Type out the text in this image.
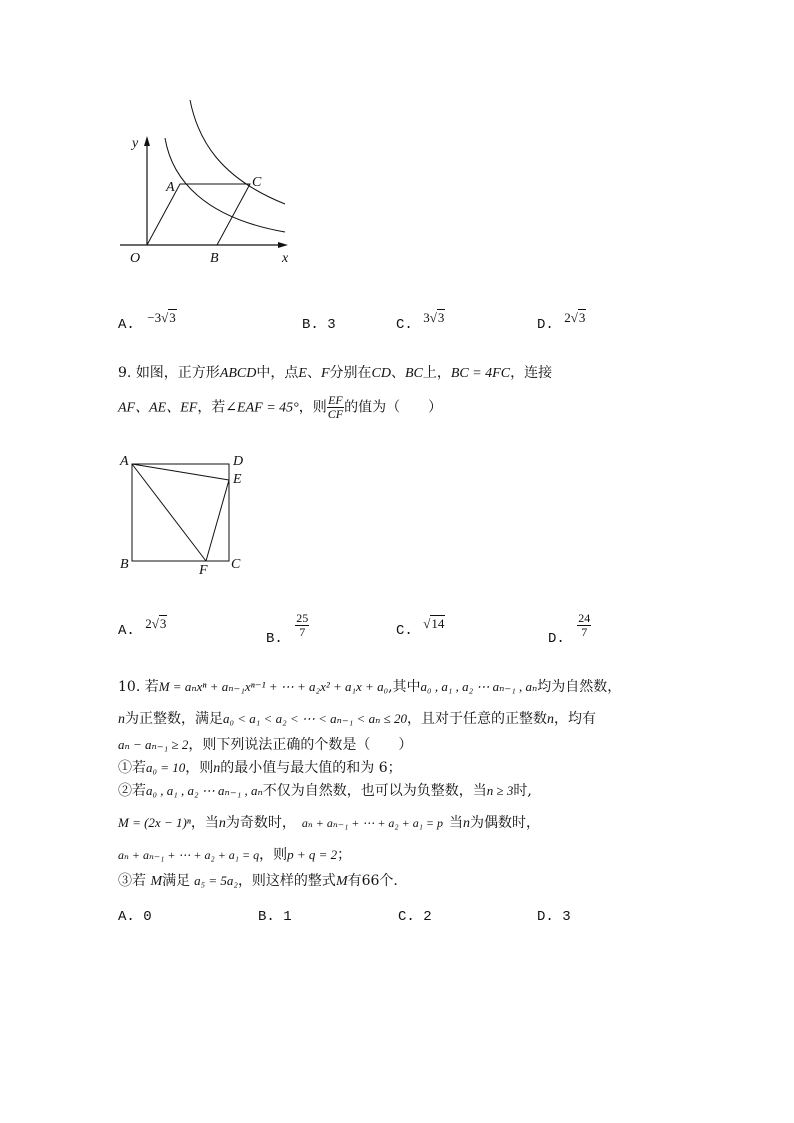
y
x
O
A
B
C
A. −3√3	B. 3	C. 3√3	D. 2√3
9. 如图，正方形ABCD中，点E、F分别在CD、BC上，BC = 4FC，连接
AF、AE、EF，若∠EAF = 45°，则 $\frac{EF}{CF}$ 的值为（　　）
A	D
E
B	F C
A. 2√3
B. $\frac{25}{7}$	C. √14
D. $\frac{24}{7}$
10. 若M = aₙxⁿ + aₙ₋₁xⁿ⁻¹ + ⋯ + a₂x² + a₁x + a₀,其中a₀ , a₁ , a₂ ⋯ aₙ₋₁ , aₙ均为自然数，
n为正整数，满足a₀ < a₁ < a₂ < ⋯ < aₙ₋₁ < aₙ ≤ 20，且对于任意的正整数n，均有
aₙ − aₙ₋₁ ≥ 2，则下列说法正确的个数是（　　）
①若a₀ = 10，则n的最小值与最大值的和为 6；
②若a₀ , a₁ , a₂ ⋯ aₙ₋₁ , aₙ不仅为自然数，也可以为负整数，当n ≥ 3时,
M = (2x − 1)ⁿ，当n为奇数时， aₙ + aₙ₋₁ + ⋯ + a₂ + a₁ = p 当n为偶数时，
aₙ + aₙ₋₁ + ⋯ + a₂ + a₁ = q，则p + q = 2；
③若 M满足 a₅ = 5a₂，则这样的整式M有66个.
A. 0	B. 1	C. 2	D. 3
